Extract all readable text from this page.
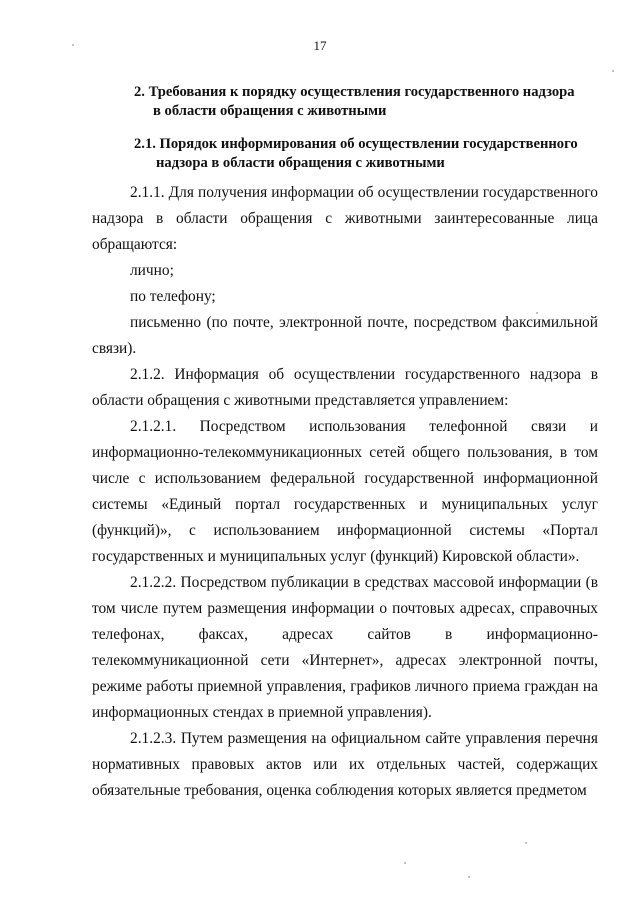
17
2. Требования к порядку осуществления государственного надзора
в области обращения с животными
2.1. Порядок информирования об осуществлении государственного
надзора в области обращения с животными

2.1.1. Для получения информации об осуществлении государственного надзора в области обращения с животными заинтересованные лица обращаются:

лично;

по телефону;

письменно (по почте, электронной почте, посредством факсимильной связи).

2.1.2. Информация об осуществлении государственного надзора в области обращения с животными представляется управлением:

2.1.2.1. Посредством использования телефонной связи и информационно-телекоммуникационных сетей общего пользования, в том числе с использованием федеральной государственной информационной системы «Единый портал государственных и муниципальных услуг (функций)», с использованием информационной системы «Портал государственных и муниципальных услуг (функций) Кировской области».

2.1.2.2. Посредством публикации в средствах массовой информации (в том числе путем размещения информации о почтовых адресах, справочных телефонах, факсах, адресах сайтов в информационно-телекоммуникационной сети «Интернет», адресах электронной почты, режиме работы приемной управления, графиков личного приема граждан на информационных стендах в приемной управления).

2.1.2.3. Путем размещения на официальном сайте управления перечня нормативных правовых актов или их отдельных частей, содержащих обязательные требования, оценка соблюдения которых является предметом
